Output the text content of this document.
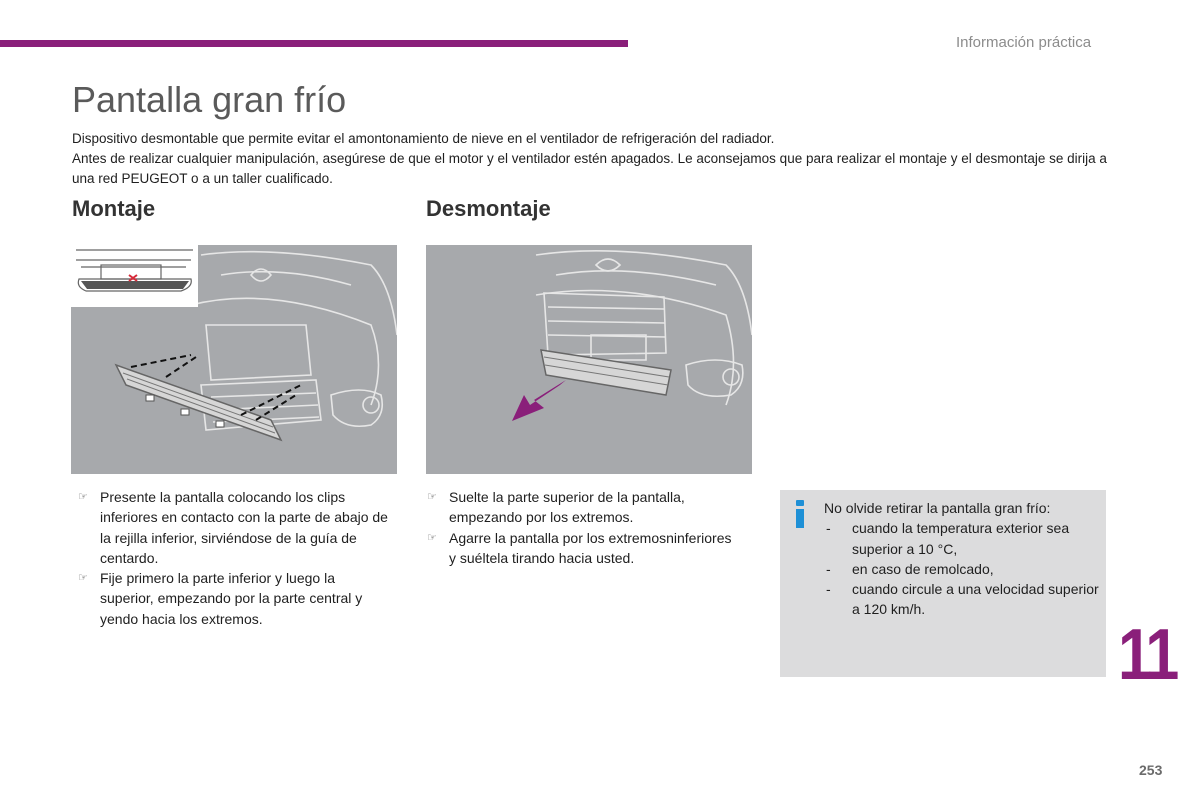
Información práctica
Pantalla gran frío

Dispositivo desmontable que permite evitar el amontonamiento de nieve en el ventilador de refrigeración del radiador.

Antes de realizar cualquier manipulación, asegúrese de que el motor y el ventilador estén apagados. Le aconsejamos que para realizar el montaje y el desmontaje se dirija a una red PEUGEOT o a un taller cualificado.

Montaje	Desmontaje
☞ Presente la pantalla colocando los clips inferiores en contacto con la parte de abajo de la rejilla inferior, sirviéndose de la guía de centardo.
☞ Fije primero la parte inferior y luego la superior, empezando por la parte central y yendo hacia los extremos.
☞ Suelte la parte superior de la pantalla, empezando por los extremos.
☞ Agarre la pantalla por los extremosninferiores y suéltela tirando hacia usted.
No olvide retirar la pantalla gran frío:
- cuando la temperatura exterior sea superior a 10 °C,
- en caso de remolcado,
- cuando circule a una velocidad superior a 120 km/h.
11
253
